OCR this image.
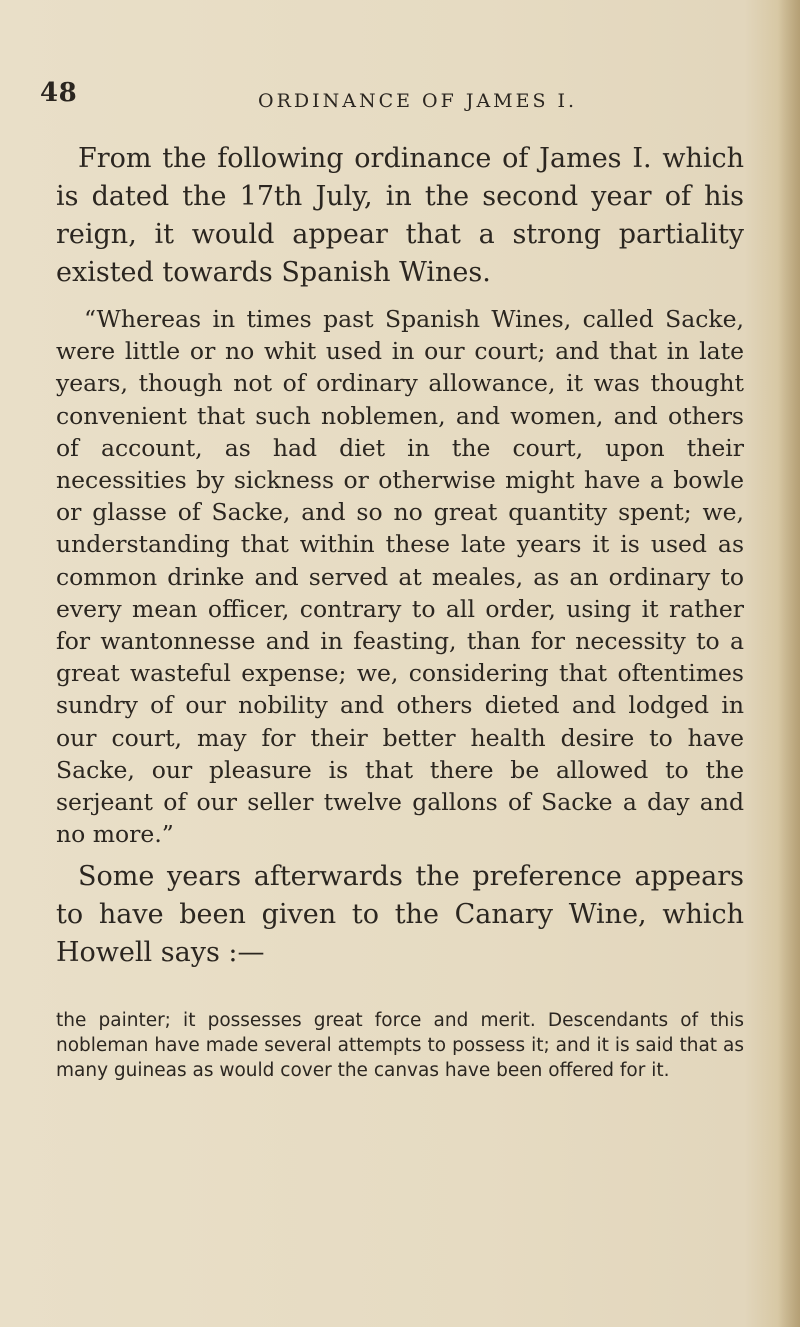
48	ORDINANCE OF JAMES I.

From the following ordinance of James I. which is dated the 17th July, in the second year of his reign, it would appear that a strong partiality existed towards Spanish Wines.

“Whereas in times past Spanish Wines, called Sacke, were little or no whit used in our court; and that in late years, though not of ordinary allowance, it was thought convenient that such noblemen, and women, and others of account, as had diet in the court, upon their necessities by sickness or otherwise might have a bowle or glasse of Sacke, and so no great quantity spent; we, understanding that within these late years it is used as common drinke and served at meales, as an ordinary to every mean officer, contrary to all order, using it rather for wantonnesse and in feasting, than for necessity to a great wasteful expense; we, considering that oftentimes sundry of our nobility and others dieted and lodged in our court, may for their better health desire to have Sacke, our pleasure is that there be allowed to the serjeant of our seller twelve gallons of Sacke a day and no more.”

Some years afterwards the preference appears to have been given to the Canary Wine, which Howell says :—

the painter; it possesses great force and merit. Descendants of this nobleman have made several attempts to possess it; and it is said that as many guineas as would cover the canvas have been offered for it.
